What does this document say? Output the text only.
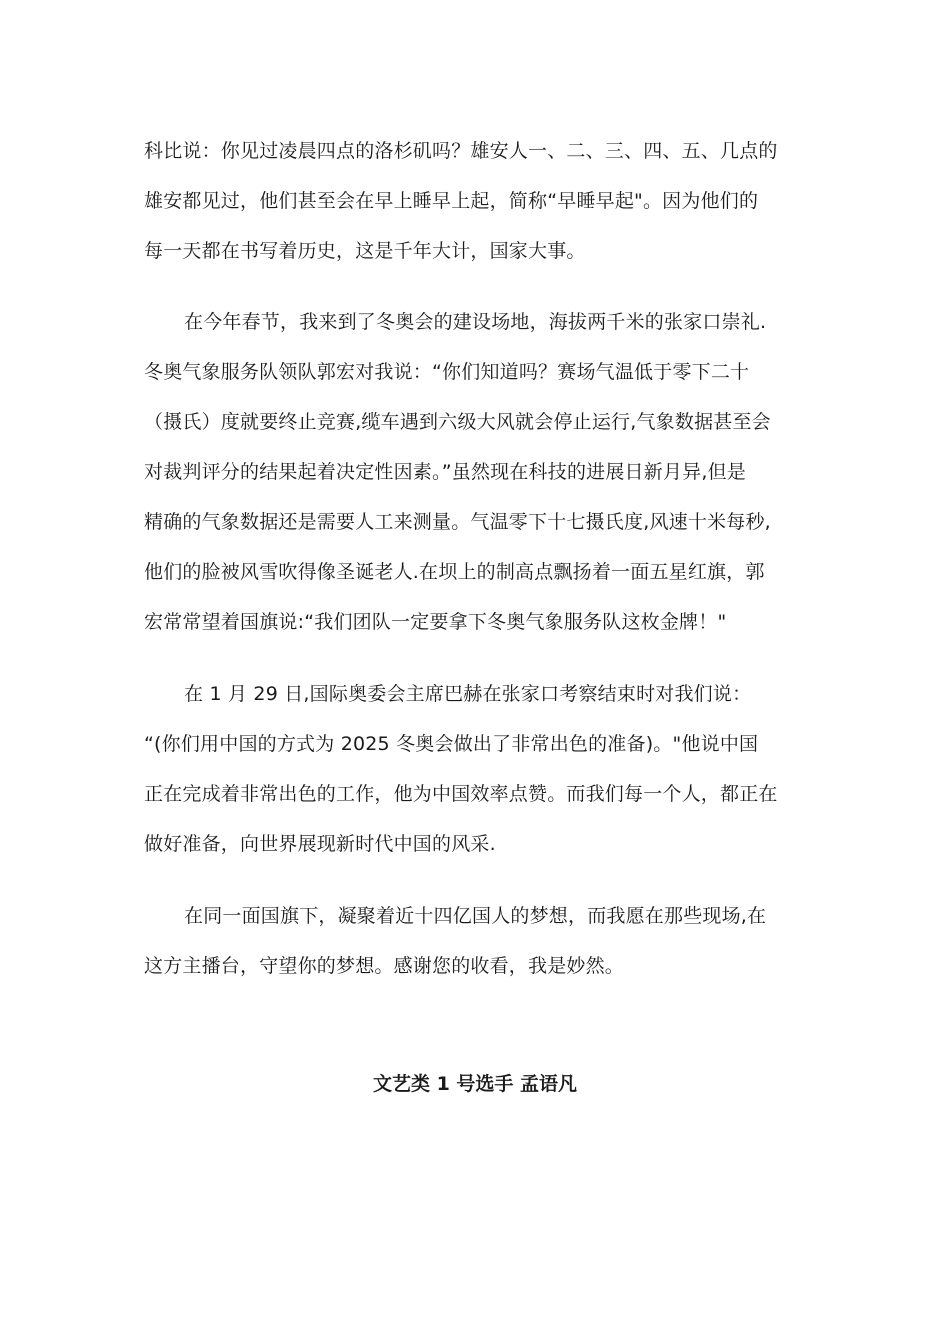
科比说：你见过凌晨四点的洛杉矶吗？雄安人一、二、三、四、五、几点的
雄安都见过，他们甚至会在早上睡早上起，简称“早睡早起"。因为他们的
每一天都在书写着历史，这是千年大计，国家大事。
在今年春节，我来到了冬奥会的建设场地，海拔两千米的张家口崇礼.
冬奥气象服务队领队郭宏对我说：“你们知道吗？赛场气温低于零下二十
（摄氏）度就要终止竞赛,缆车遇到六级大风就会停止运行,气象数据甚至会
对裁判评分的结果起着决定性因素。”虽然现在科技的进展日新月异,但是
精确的气象数据还是需要人工来测量。气温零下十七摄氏度,风速十米每秒,
他们的脸被风雪吹得像圣诞老人.在坝上的制高点飘扬着一面五星红旗，郭
宏常常望着国旗说:“我们团队一定要拿下冬奥气象服务队这枚金牌！"
在 1 月 29 日,国际奥委会主席巴赫在张家口考察结束时对我们说：
“(你们用中国的方式为 2025 冬奥会做出了非常出色的准备)。"他说中国
正在完成着非常出色的工作，他为中国效率点赞。而我们每一个人，都正在
做好准备，向世界展现新时代中国的风采.
在同一面国旗下，凝聚着近十四亿国人的梦想，而我愿在那些现场,在
这方主播台，守望你的梦想。感谢您的收看，我是妙然。
文艺类 1 号选手 孟语凡
